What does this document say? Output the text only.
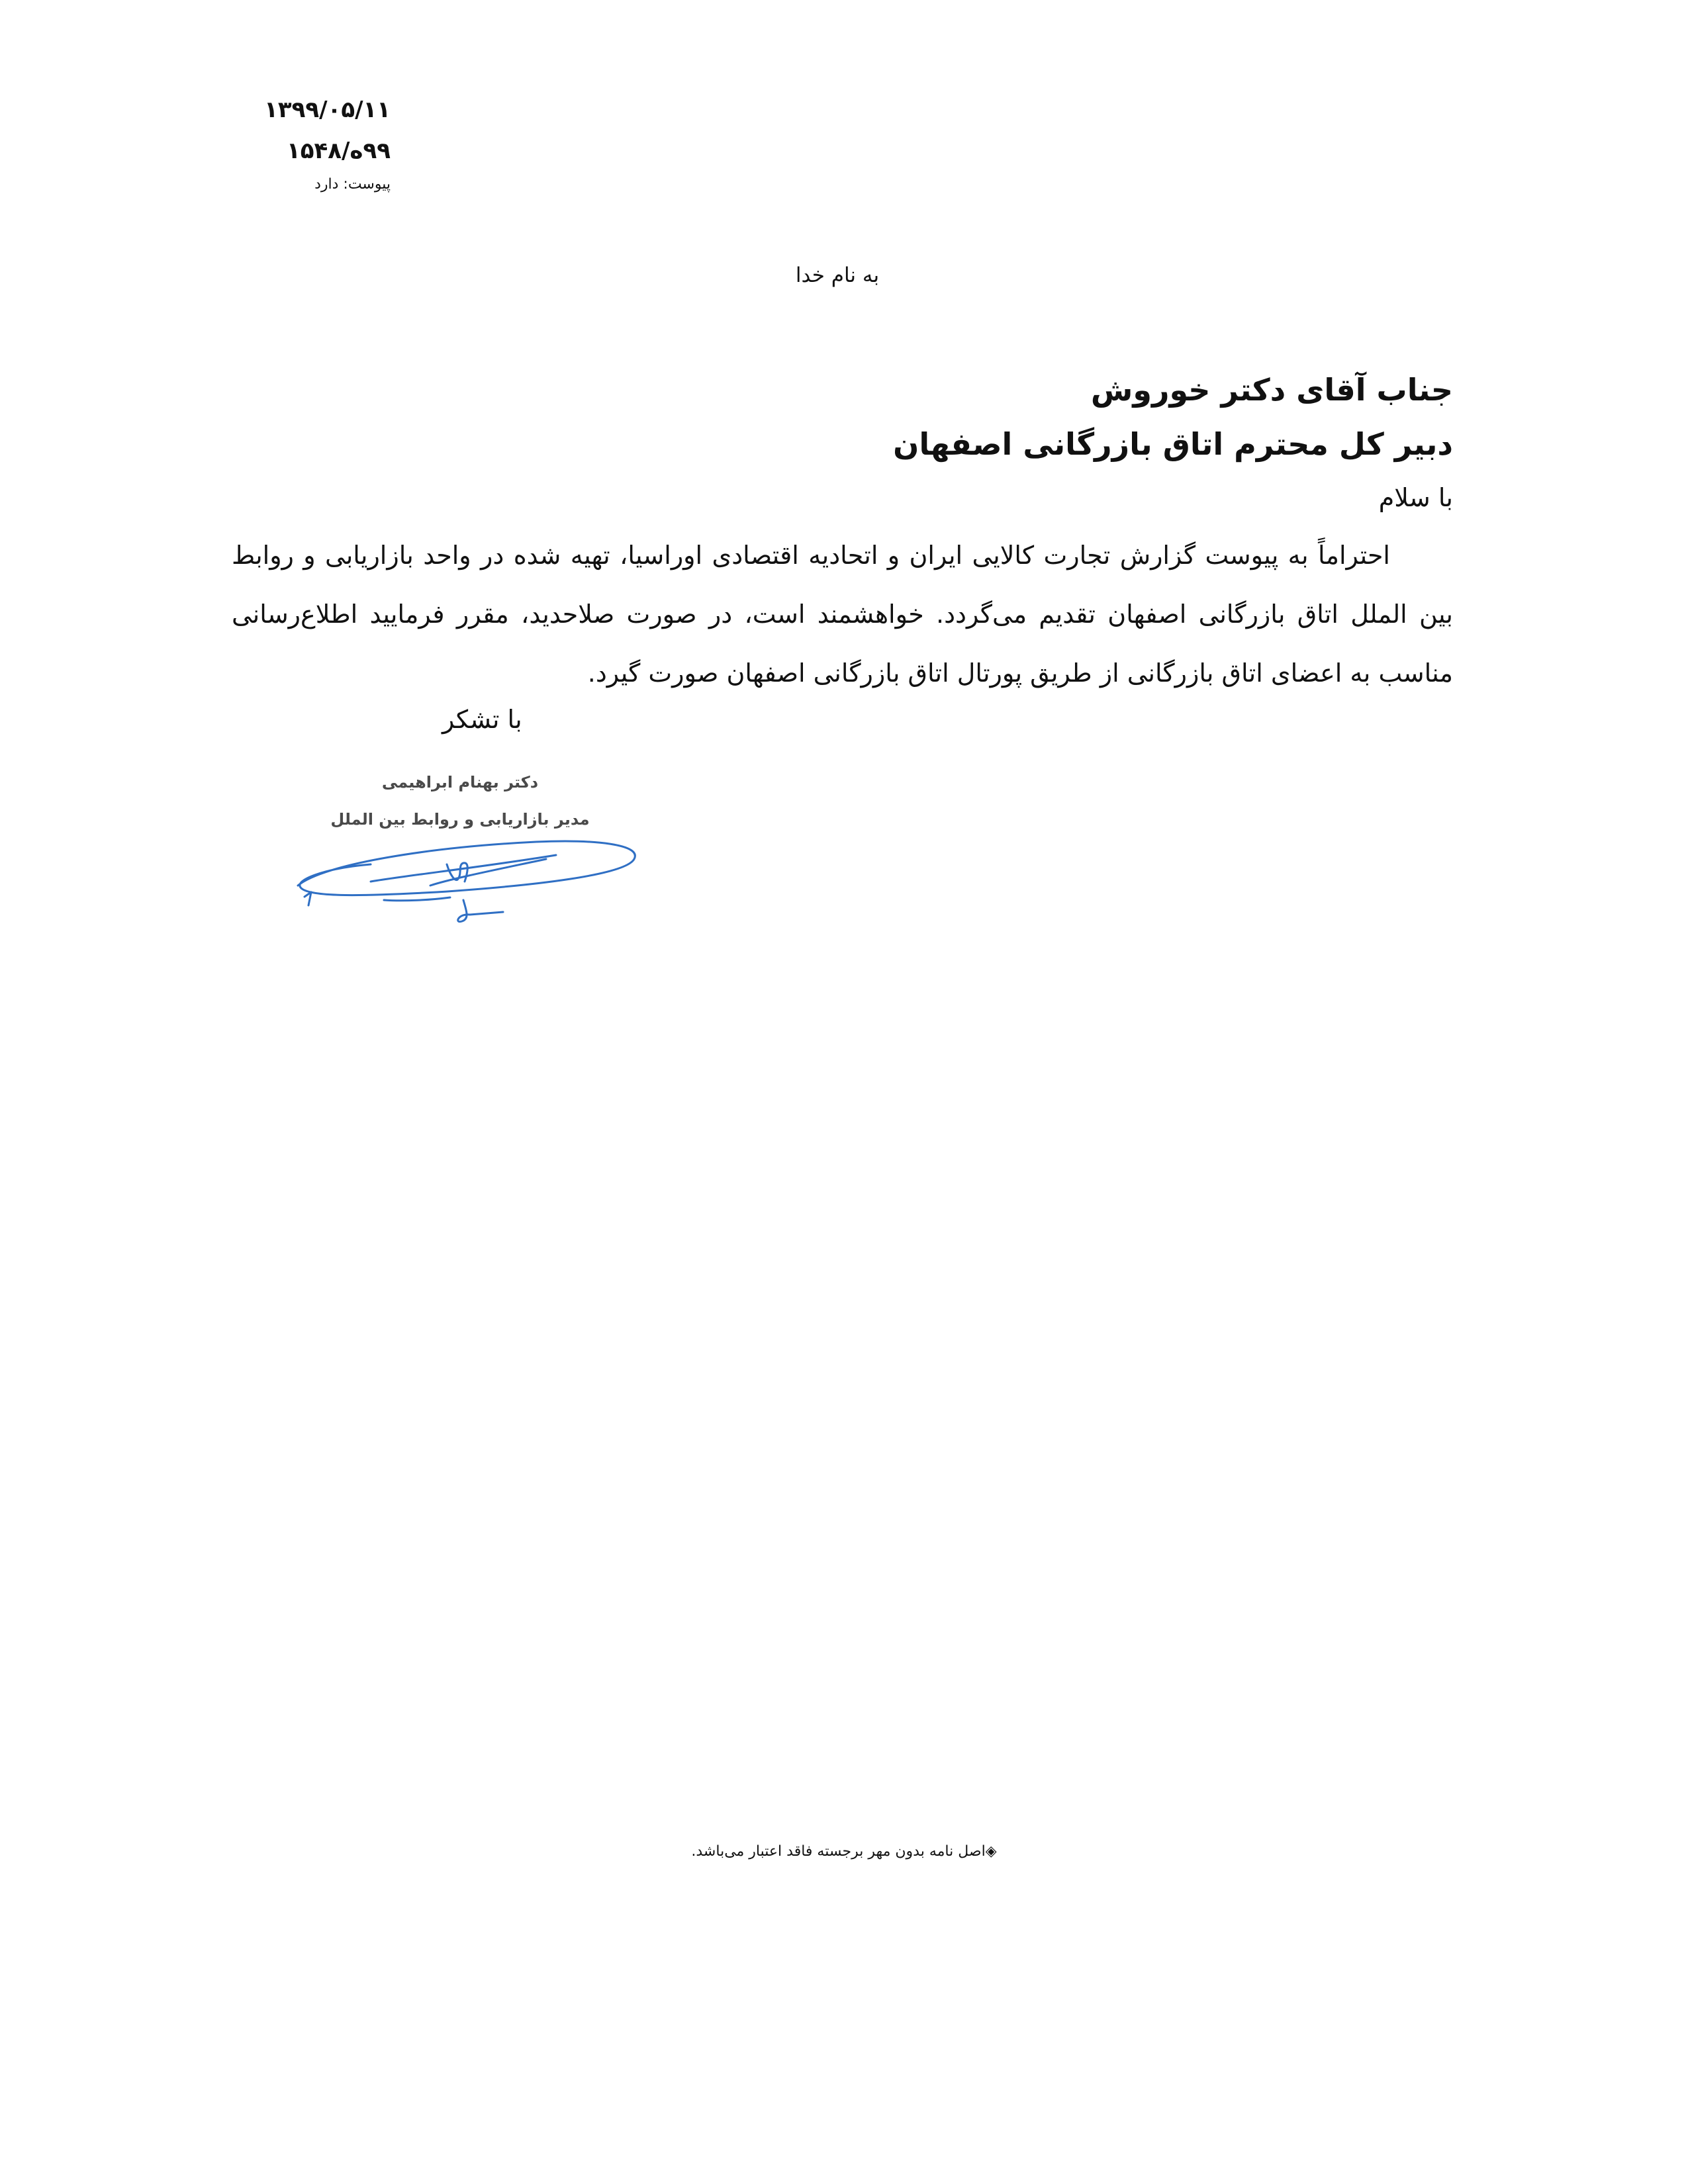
۱۳۹۹/۰۵/۱۱
۹۹ه/۱۵۴۸
پیوست: دارد
به نام خدا
جناب آقای دکتر خوروش
دبیر کل محترم اتاق بازرگانی اصفهان
با سلام

احتراماً به پیوست گزارش تجارت کالایی ایران و اتحادیه اقتصادی اوراسیا، تهیه شده در واحد بازاریابی و روابط بین الملل اتاق بازرگانی اصفهان تقدیم می‌گردد. خواهشمند است، در صورت صلاحدید، مقرر فرمایید اطلاع‌رسانی مناسب به اعضای اتاق بازرگانی از طریق پورتال اتاق بازرگانی اصفهان صورت گیرد.

با تشکر
دکتر بهنام ابراهیمی
مدیر بازاریابی و روابط بین الملل
◈اصل نامه بدون مهر برجسته فاقد اعتبار می‌باشد.
